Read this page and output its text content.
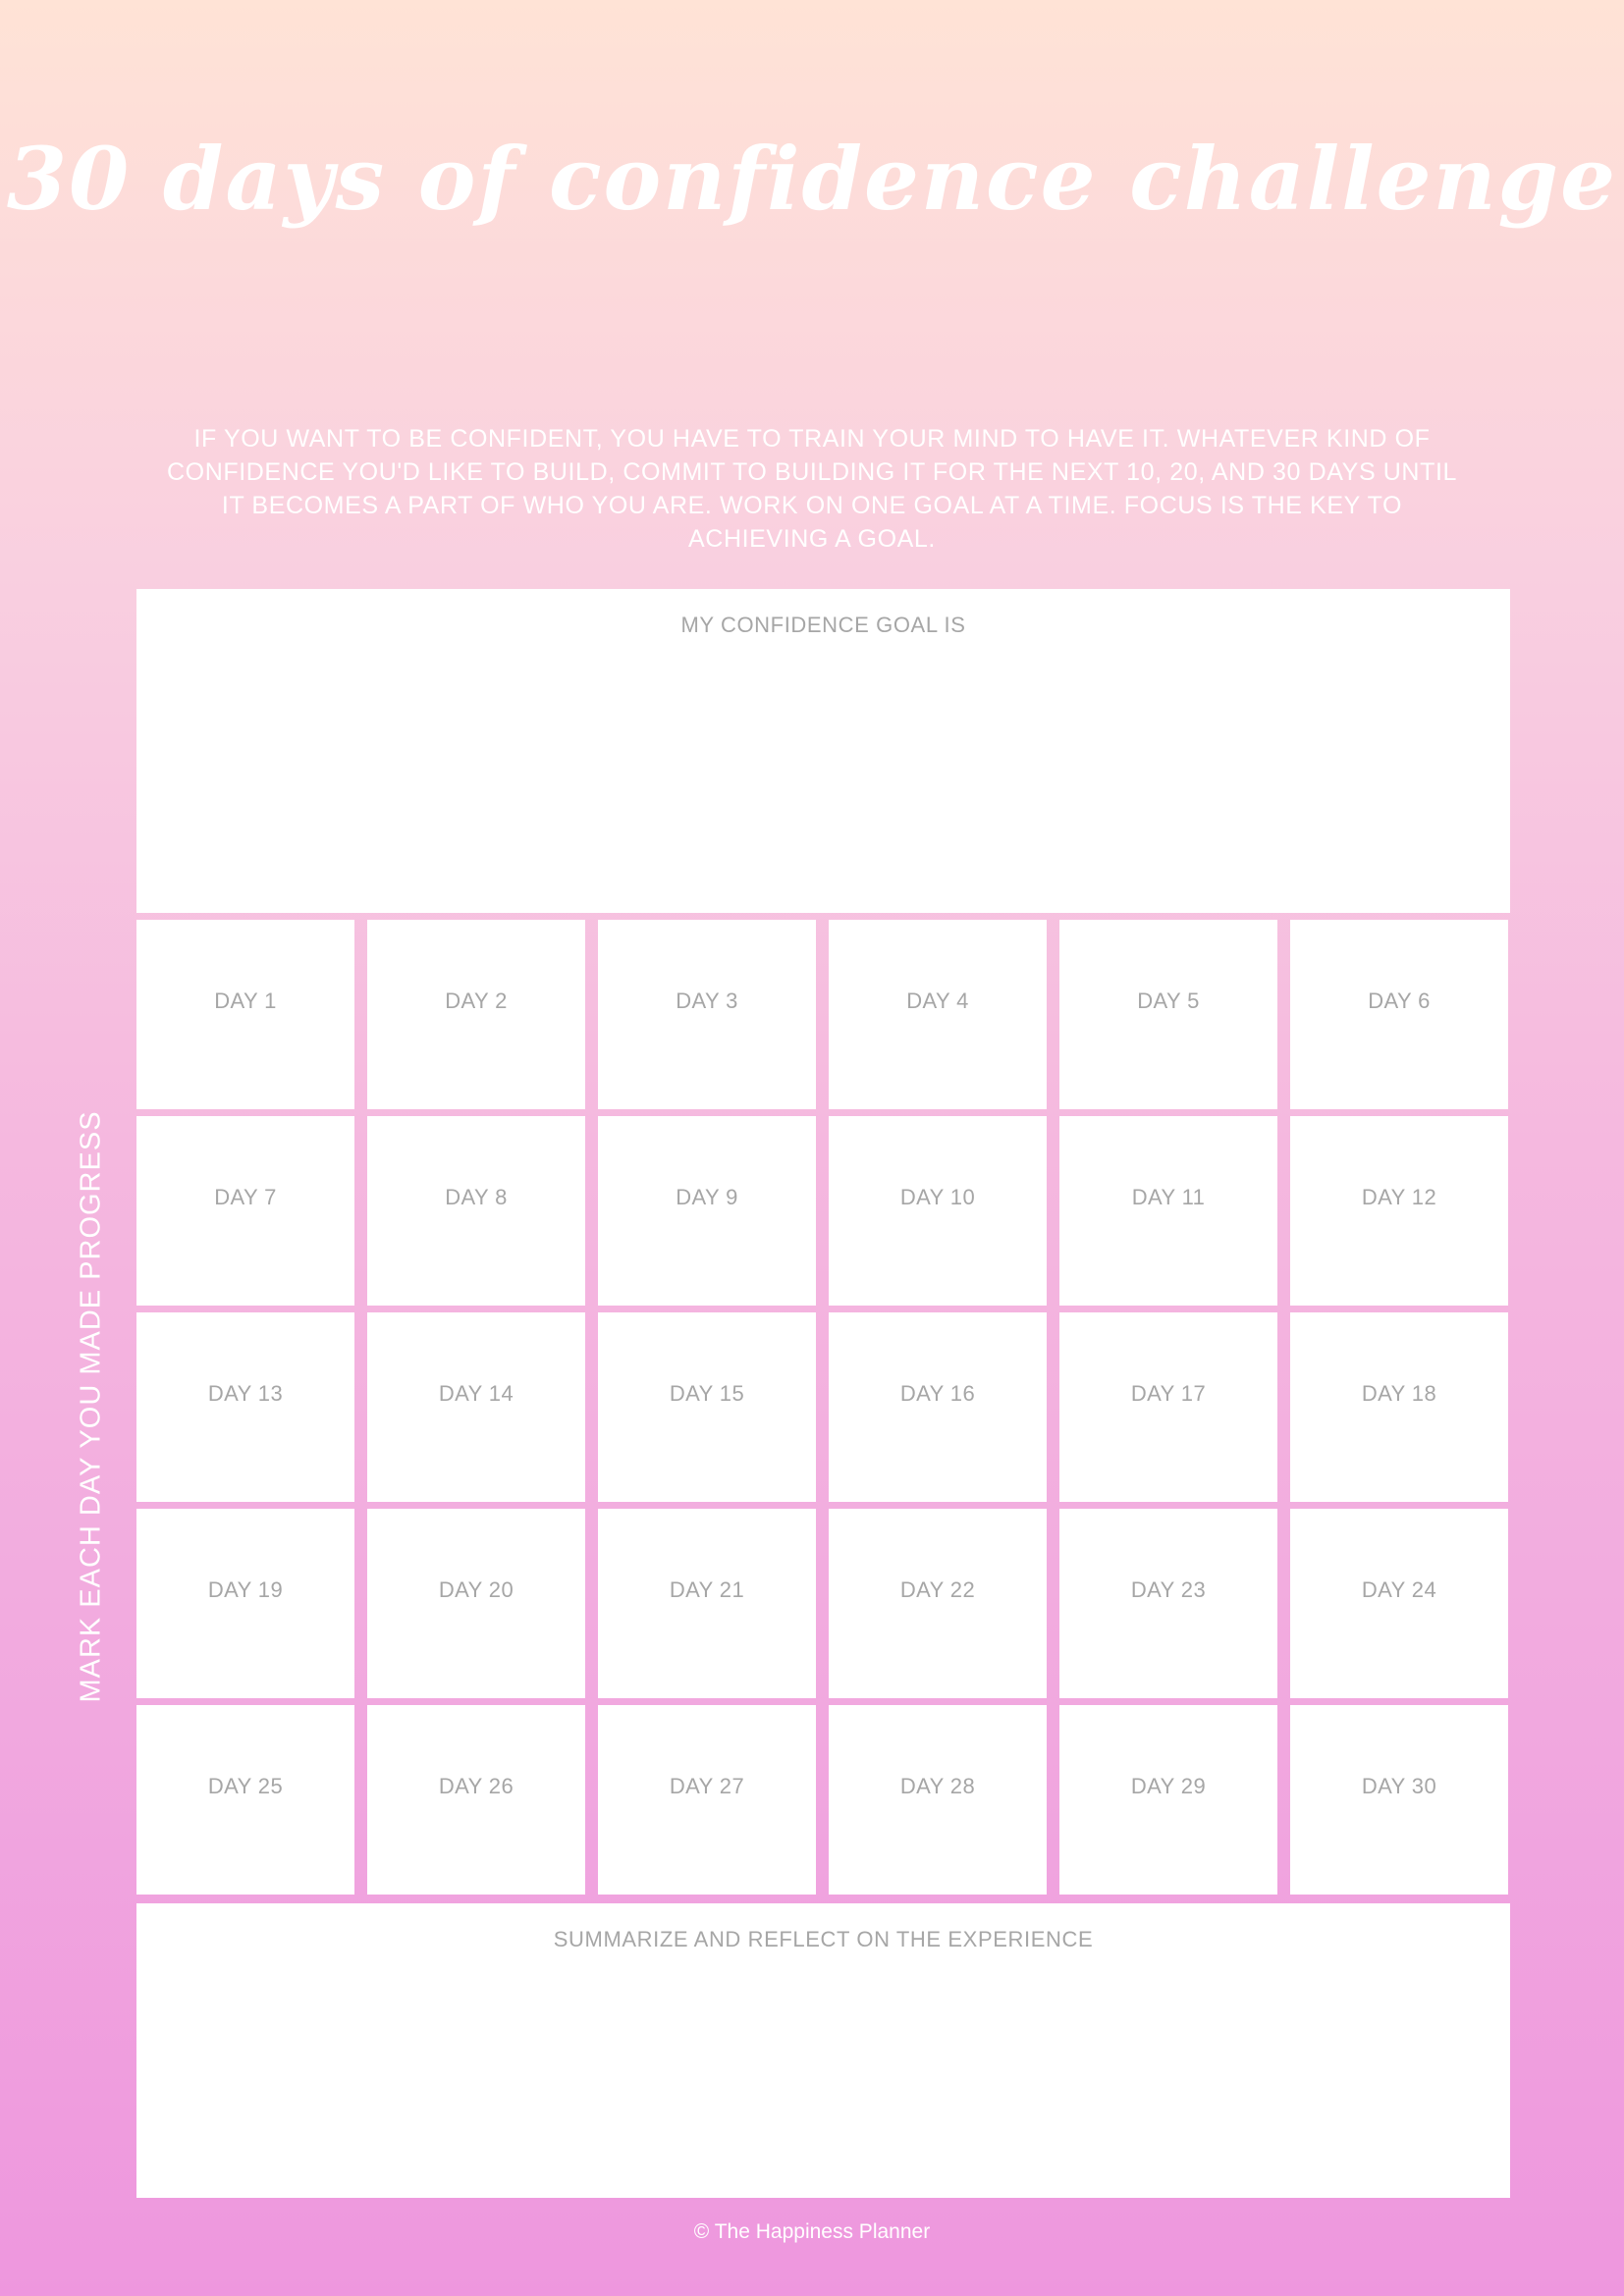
30 days of confidence challenge
IF YOU WANT TO BE CONFIDENT, YOU HAVE TO TRAIN YOUR MIND TO HAVE IT. WHATEVER KIND OF CONFIDENCE YOU'D LIKE TO BUILD, COMMIT TO BUILDING IT FOR THE NEXT 10, 20, AND 30 DAYS UNTIL IT BECOMES A PART OF WHO YOU ARE. WORK ON ONE GOAL AT A TIME. FOCUS IS THE KEY TO ACHIEVING A GOAL.
MY CONFIDENCE GOAL IS
MARK EACH DAY YOU MADE PROGRESS
DAY 1	DAY 2	DAY 3	DAY 4	DAY 5	DAY 6
DAY 7	DAY 8	DAY 9	DAY 10	DAY 11	DAY 12
DAY 13	DAY 14	DAY 15	DAY 16	DAY 17	DAY 18
DAY 19	DAY 20	DAY 21	DAY 22	DAY 23	DAY 24
DAY 25	DAY 26	DAY 27	DAY 28	DAY 29	DAY 30
SUMMARIZE AND REFLECT ON THE EXPERIENCE
© The Happiness Planner
